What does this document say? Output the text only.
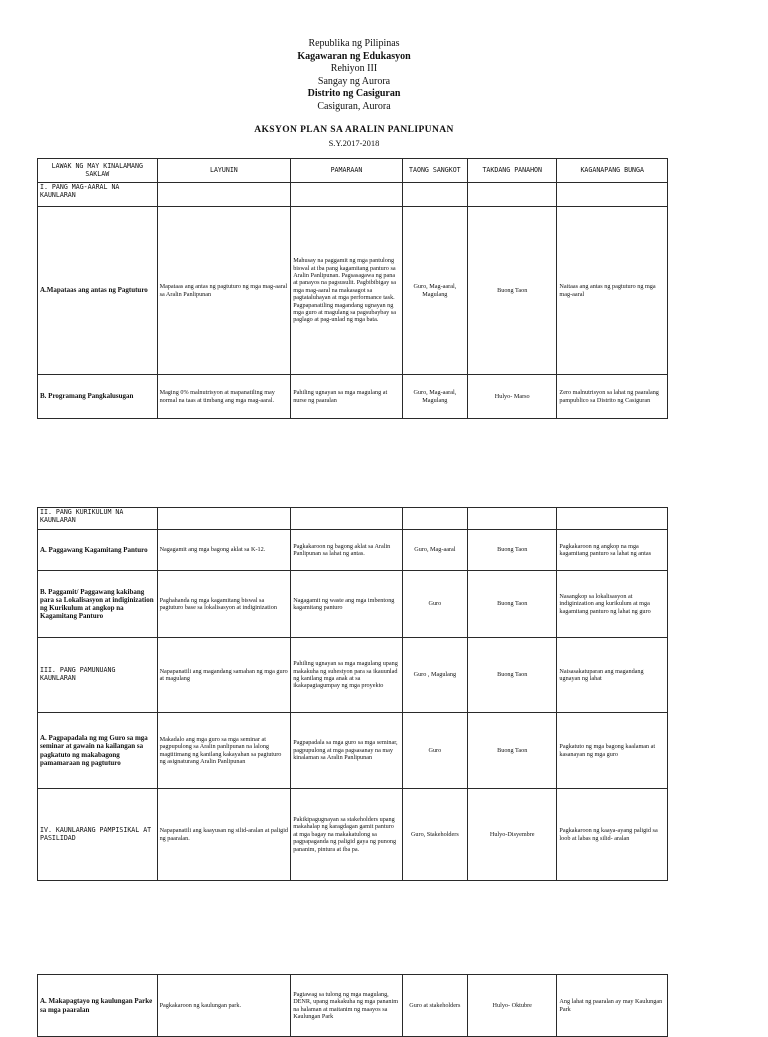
Republika ng Pilipinas
Kagawaran ng Edukasyon
Rehiyon III
Sangay ng Aurora
Distrito ng Casiguran
Casiguran, Aurora
AKSYON PLAN SA ARALIN PANLIPUNAN
S.Y.2017-2018
LAWAK NG MAY KINALAMANG SAKLAW	LAYUNIN	PAMARAAN	TAONG SANGKOT	TAKDANG PANAHON	KAGANAPANG BUNGA
I. PANG MAG-AARAL NA KAUNLARAN					
A.Mapataas ang antas ng Pagtuturo	Mapataas ang antas ng pagtuturo ng mga mag-aaral sa Aralin Panlipunan	Mahusay na paggamit ng mga pantulong biswal at iba pang kagamitang panturo sa Aralin Panlipunan. Pagsasagawa ng pana at panayos na pagsusulit. Pagbibibigay sa mga mag-aaral na makasagot sa pagtataluhayan at mga performance task. Pagpapanatiling magandang ugnayan ng mga guro at magulang sa pagsubaybay sa paglago at pag-unlad ng mga bata.	Guro, Mag-aaral, Magulang	Buong Taon	Naitaas ang antas ng pagtuturo ng mga mag-aaral
B. Programang Pangkalusugan	Maging 0% malnutrisyon at mapanatiling may normal na taas at timbang ang mga mag-aaral.	Pahiling ugnayan sa mga magulang at nurse ng paaralan	Guro, Mag-aaral, Magulang	Hulyo- Marso	Zero malnutrisyon sa lahat ng paaralang pampublico sa Distrito ng Casiguran
II. PANG KURIKULUM NA KAUNLARAN					
A. Paggawang Kagamitang Panturo	Nagagamit ang mga bagong aklat sa K-12.	Pagkakaroon ng bagong aklat sa Aralin Panlipunan sa lahat ng antas.	Guro, Mag-aaral	Buong Taon	Pagkakaroon ng angkop na mga kagamitang panturo sa lahat ng antas
B. Paggamit/ Paggawang kakibang para sa Lokalisasyon at indiginization ng Kurikulum at angkop na Kagamitang Panturo	Paghahanda ng mga kagamitang biswal sa pagtuturo base sa lokalisasyon at indiginization	Nagagamit ng waste ang mga imbentong kagamitang panturo	Guro	Buong Taon	Nasangkop sa lokalisasyon at indiginization ang kurikulum at mga kagamitang panturo ng lahat ng guro
III. PANG PAMUNUANG KAUNLARAN	Napapanatili ang magandang samahan ng mga guro at magulang	Pahiling ugnayan sa mga magulang upang makakuha ng suhestyon para sa ikauunlad ng kanilang mga anak at sa ikakapagtagumpay ng mga proyekto	Guro , Magulang	Buong Taon	Naisasakatuparan ang magandang ugnayan ng lahat
A. Pagpapadala ng mg Guro sa mga seminar at gawain na kailangan sa pagkatuto ng makabagong pamamaraan ng pagtuturo	Makadalo ang mga guro sa mga seminar at pagpupulong sa Aralin panlipunan na lalong magtitimang ng kanilang kakayahan sa pagtuturo ng asignaturang Aralin Panlipunan	Pagpapadala sa mga guro sa mga seminar, pagpupulong at mga pagsasanay na may kinalaman sa Aralin Panlipunan	Guro	Buong Taon	Pagkatuto ng mga bagong kaalaman at kasanayan ng mga guro
IV. KAUNLARANG PAMPISIKAL AT PASILIDAD	Napapanatili ang kaayusan ng silid-aralan at paligid ng paaralan.	Pakikipagugnayan sa stakeholders upang makahalap ng karagdagan gamit panturo at mga bagay na makakatulong sa pagpapaganda ng paligid gaya ng punong pananim, pintura at iba pa.	Guro, Stakeholders	Hulyo-Disyembre	Pagkakaroon ng kaaya-ayang paligid sa loob at labas ng silid- aralan
A. Makapagtayo ng kaulungan Parke sa mga paaralan	Pagkakaroon ng kaulungan park.	Pagtawag sa tulong ng mga magulang, DENR, upang makakuha ng mga pananim na halaman at maitanim ng maayos sa Kaulungan Park	Guro at stakeholders	Hulyo- Oktubre	Ang lahat ng paaralan ay may Kaulungan Park
